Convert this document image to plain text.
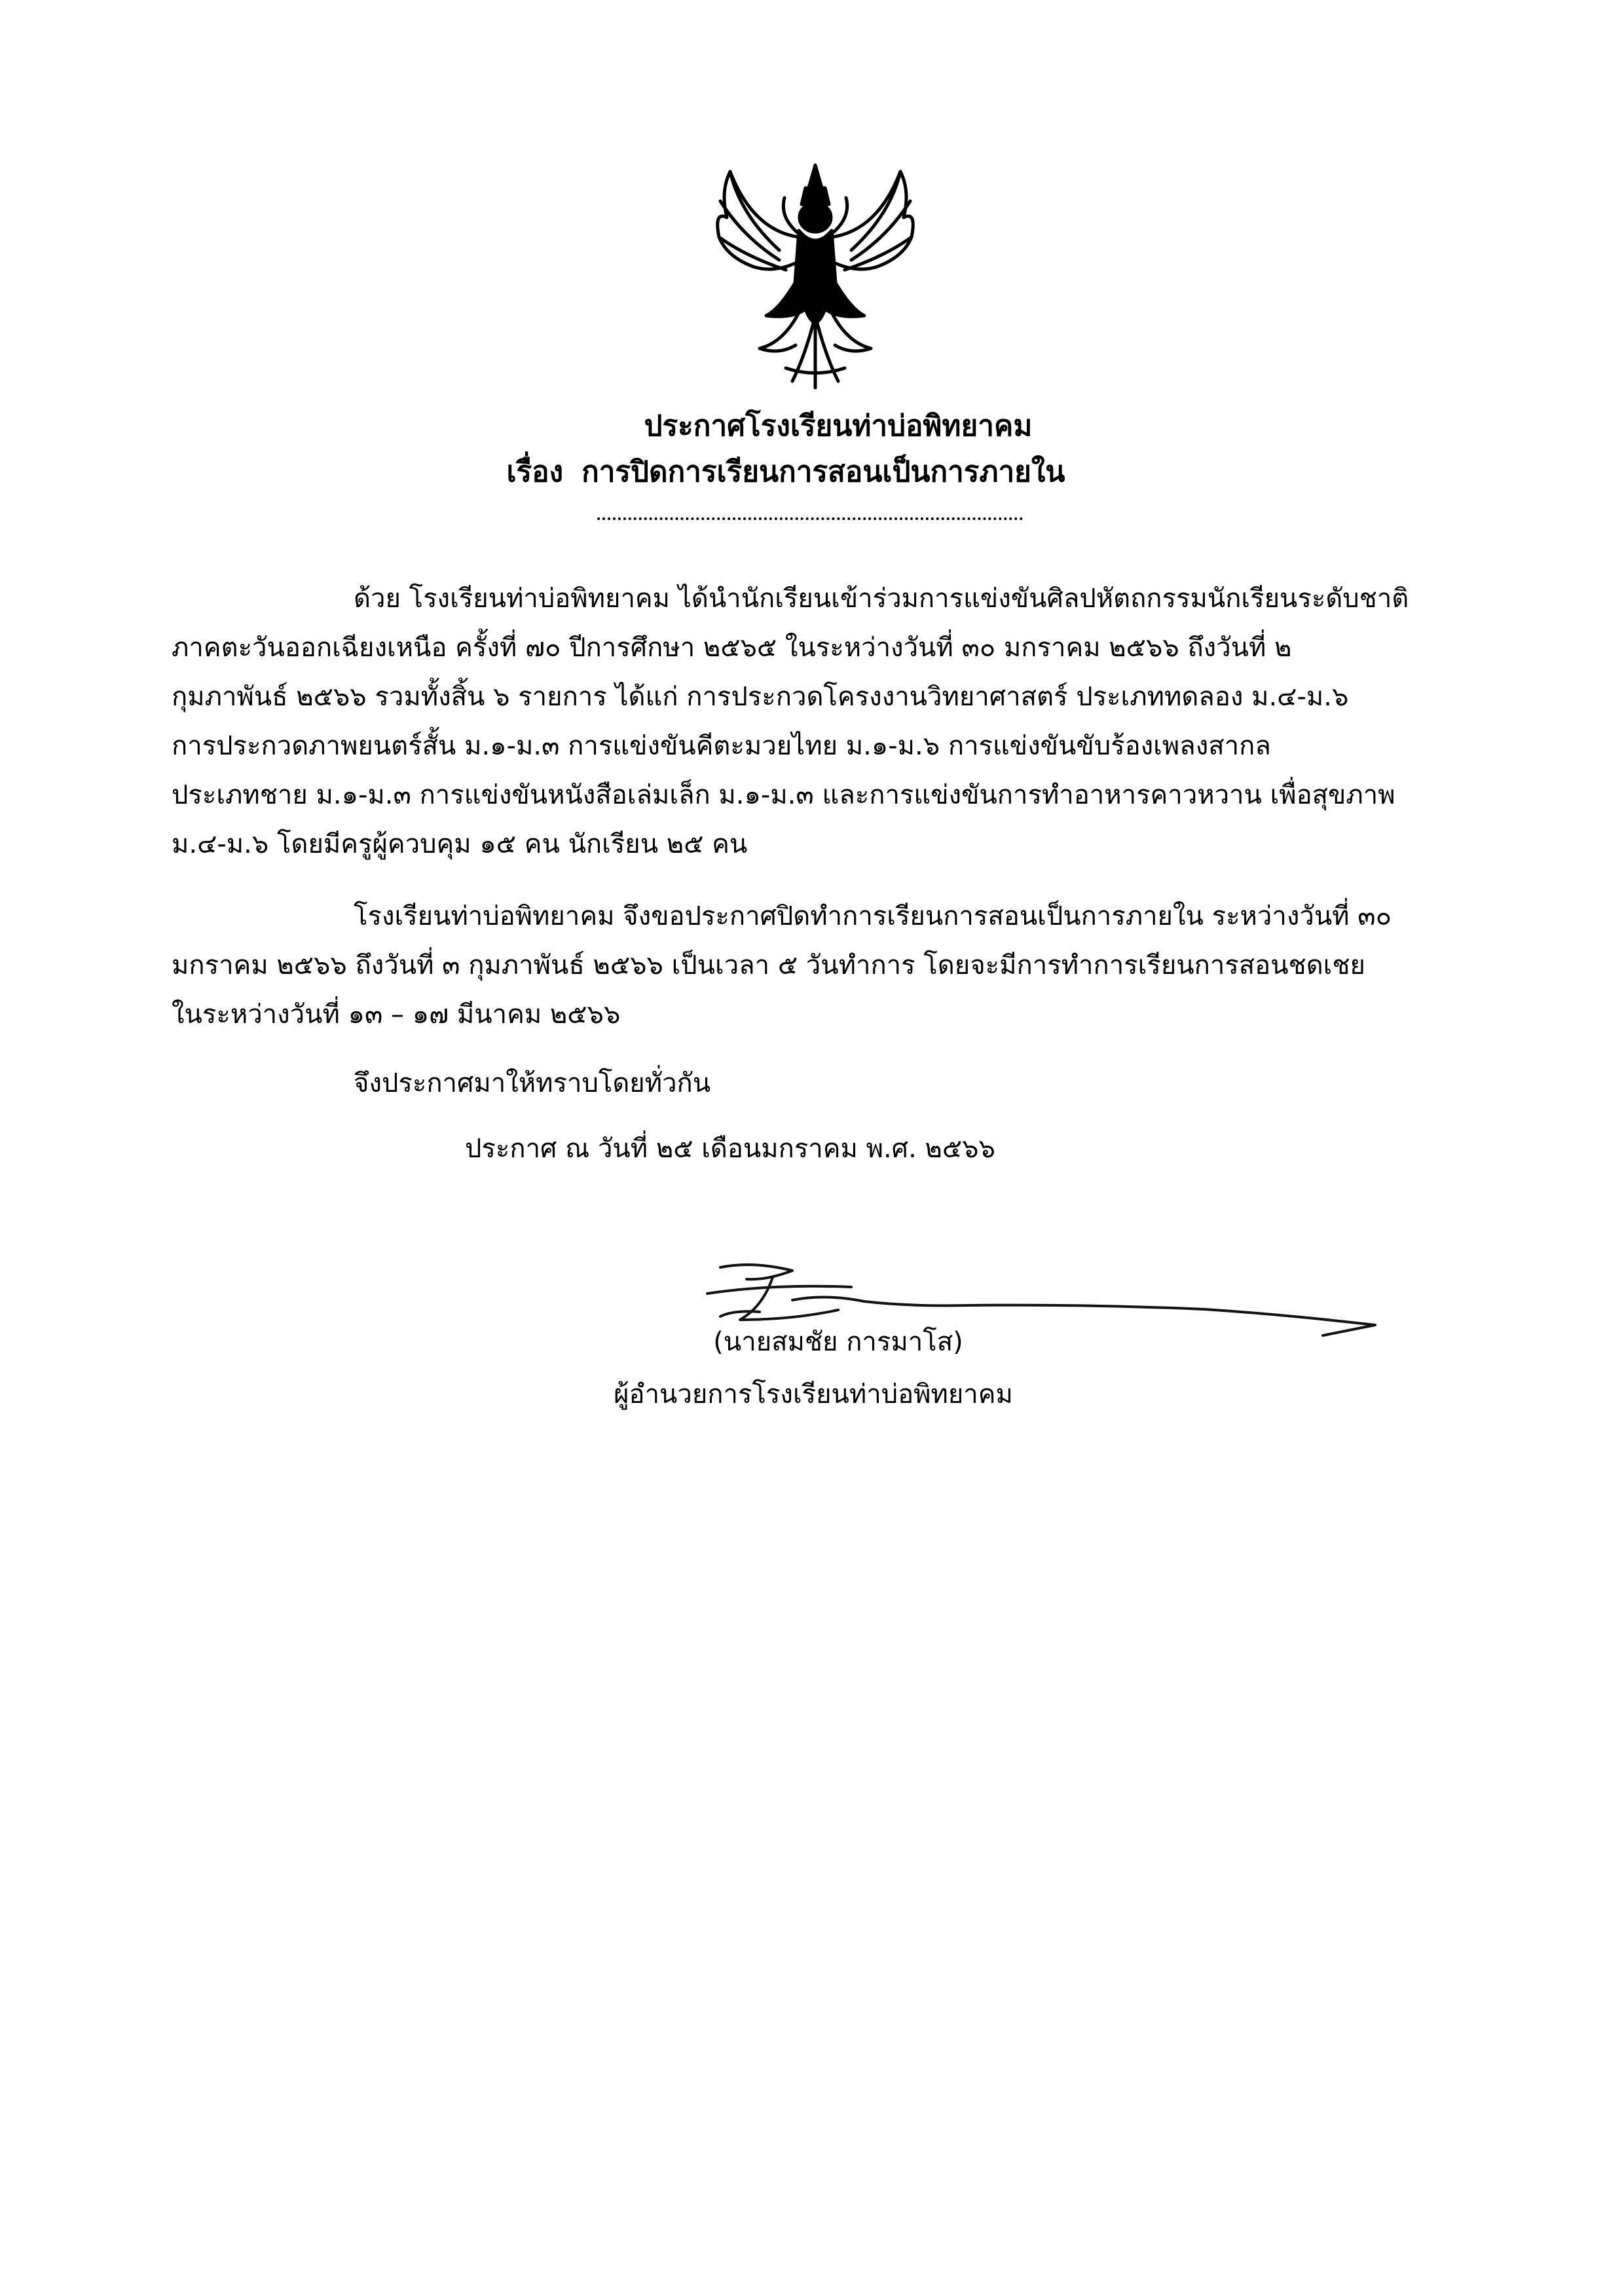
ประกาศโรงเรียนท่าบ่อพิทยาคม
เรื่อง การปิดการเรียนการสอนเป็นการภายใน
ด้วย โรงเรียนท่าบ่อพิทยาคม ได้นำนักเรียนเข้าร่วมการแข่งขันศิลปหัตถกรรมนักเรียนระดับชาติ
ภาคตะวันออกเฉียงเหนือ ครั้งที่ ๗๐ ปีการศึกษา ๒๕๖๕ ในระหว่างวันที่ ๓๐ มกราคม ๒๕๖๖ ถึงวันที่ ๒
กุมภาพันธ์ ๒๕๖๖ รวมทั้งสิ้น ๖ รายการ ได้แก่ การประกวดโครงงานวิทยาศาสตร์ ประเภททดลอง ม.๔-ม.๖
การประกวดภาพยนตร์สั้น ม.๑-ม.๓ การแข่งขันคีตะมวยไทย ม.๑-ม.๖ การแข่งขันขับร้องเพลงสากล
ประเภทชาย ม.๑-ม.๓ การแข่งขันหนังสือเล่มเล็ก ม.๑-ม.๓ และการแข่งขันการทำอาหารคาวหวาน เพื่อสุขภาพ
ม.๔-ม.๖ โดยมีครูผู้ควบคุม ๑๕ คน นักเรียน ๒๕ คน
โรงเรียนท่าบ่อพิทยาคม จึงขอประกาศปิดทำการเรียนการสอนเป็นการภายใน ระหว่างวันที่ ๓๐
มกราคม ๒๕๖๖ ถึงวันที่ ๓ กุมภาพันธ์ ๒๕๖๖ เป็นเวลา ๕ วันทำการ โดยจะมีการทำการเรียนการสอนชดเชย
ในระหว่างวันที่ ๑๓ – ๑๗ มีนาคม ๒๕๖๖
จึงประกาศมาให้ทราบโดยทั่วกัน
ประกาศ ณ วันที่ ๒๕ เดือนมกราคม พ.ศ. ๒๕๖๖
(นายสมชัย การมาโส)
ผู้อำนวยการโรงเรียนท่าบ่อพิทยาคม
